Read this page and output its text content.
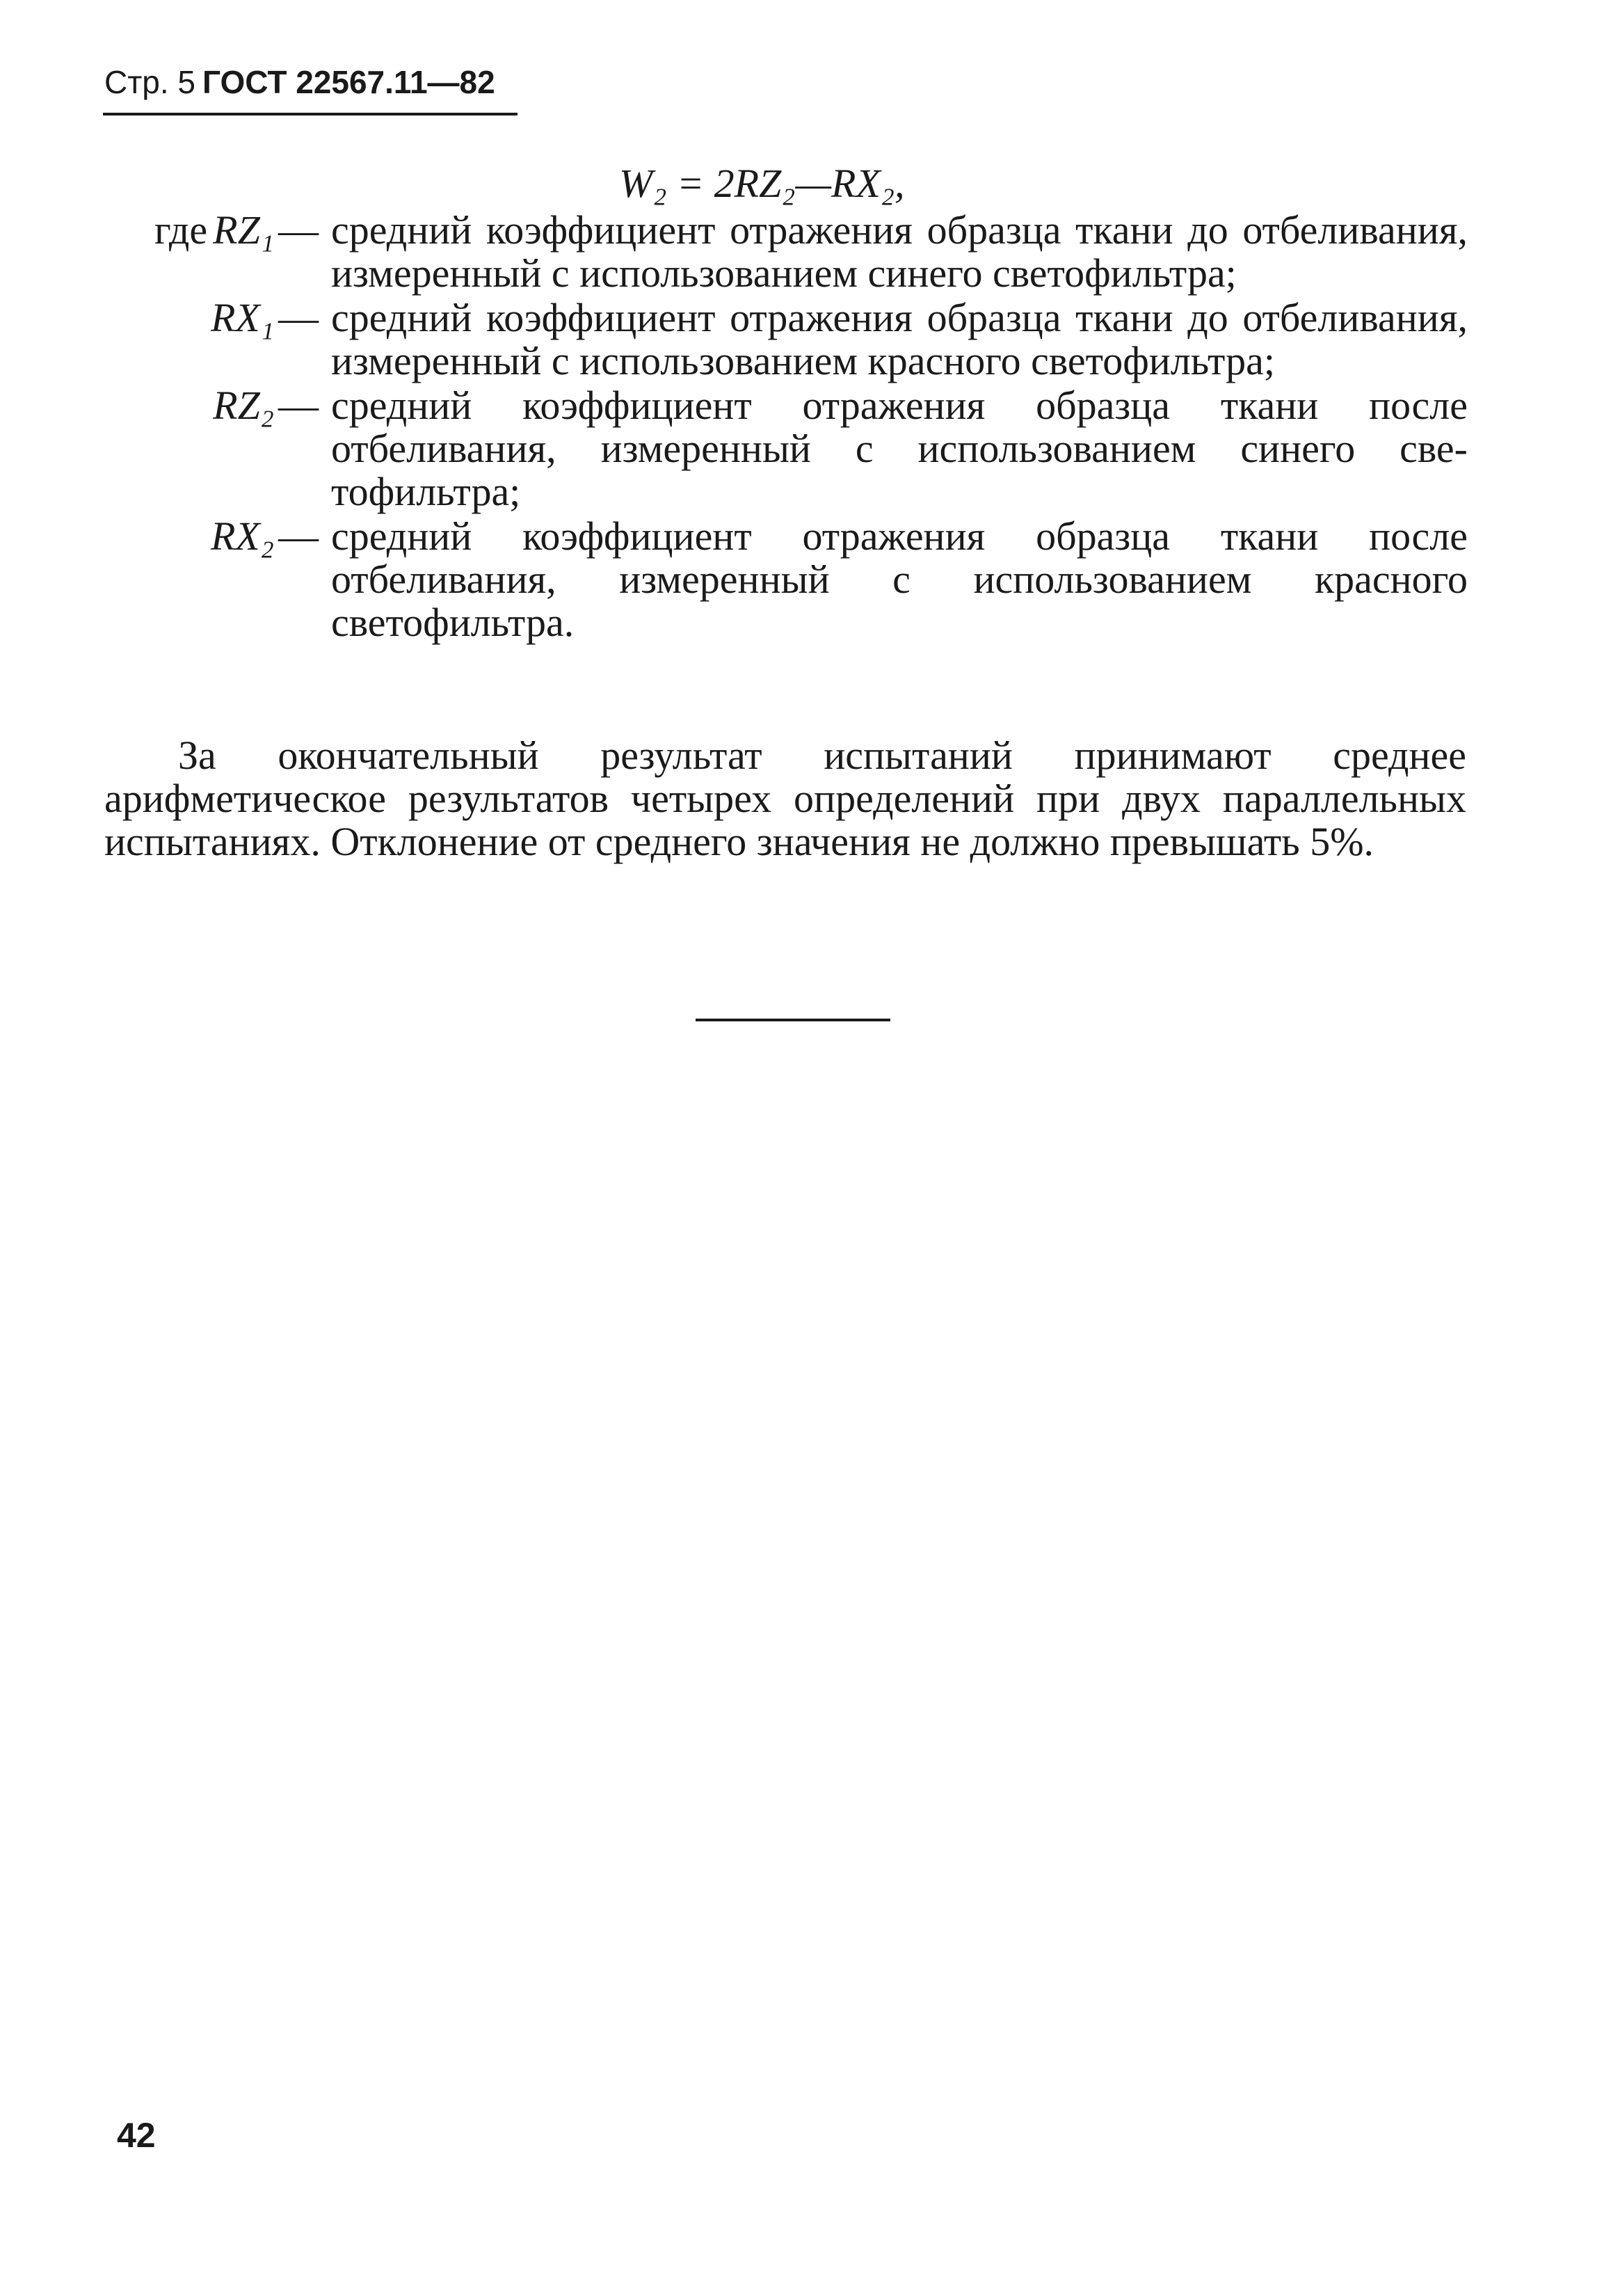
Стр. 5 ГОСТ 22567.11—82
W₂ = 2RZ₂—RX₂,
где RZ₁ — средний коэффициент отражения образца ткани до отбеливания, измеренный с использованием синего светофильтра;
RX₁ — средний коэффициент отражения образца ткани до отбеливания, измеренный с использованием красного светофильтра;
RZ₂ — средний коэффициент отражения образца ткани после отбеливания, измеренный с использованием синего светофильтра;
RX₂ — средний коэффициент отражения образца ткани после отбеливания, измеренный с использованием красного светофильтра.
За окончательный результат испытаний принимают среднее арифметическое результатов четырех определений при двух параллельных испытаниях. Отклонение от среднего значения не должно превышать 5%.
42
